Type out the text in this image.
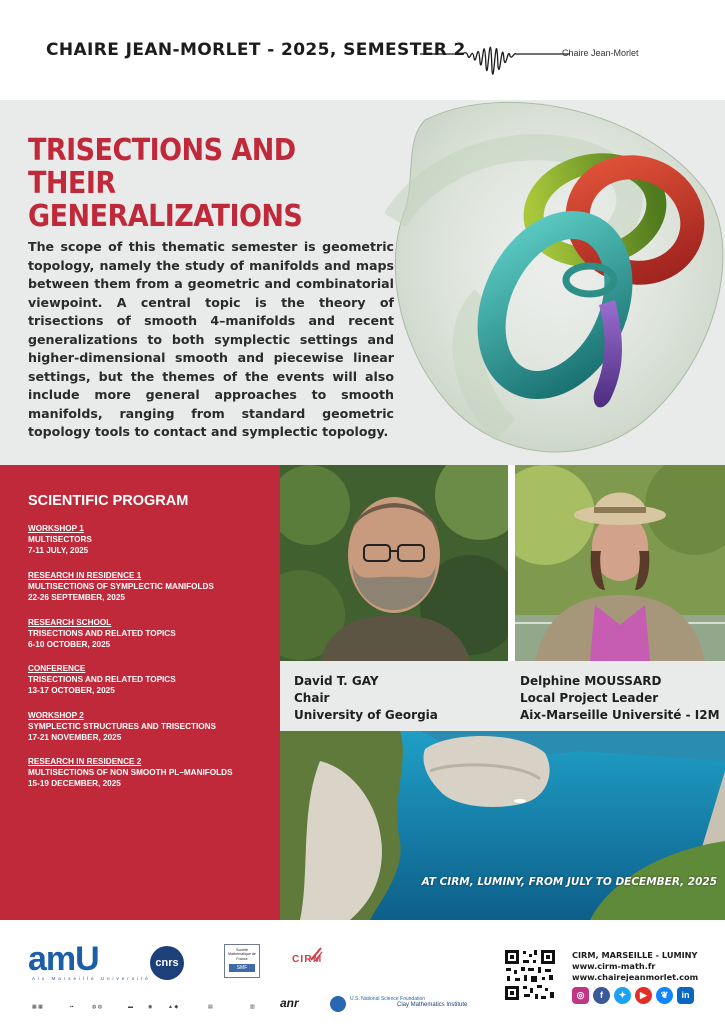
CHAIRE JEAN-MORLET - 2025, SEMESTER 2	Chaire Jean-Morlet
TRISECTIONS AND THEIR
GENERALIZATIONS

The scope of this thematic semester is geometric topology, namely the study of manifolds and maps between them from a geometric and combinatorial viewpoint. A central topic is the theory of trisections of smooth 4–manifolds and recent generalizations to both symplectic settings and higher-dimensional smooth and piecewise linear settings, but the themes of the events will also include more general approaches to smooth manifolds, ranging from standard geometric topology tools to contact and symplectic topology.

SCIENTIFIC PROGRAM
WORKSHOP 1
MULTISECTORS
7-11 JULY, 2025
RESEARCH IN RESIDENCE 1
MULTISECTIONS OF SYMPLECTIC MANIFOLDS
22-26 SEPTEMBER, 2025
RESEARCH SCHOOL
TRISECTIONS AND RELATED TOPICS
6-10 OCTOBER, 2025
CONFERENCE
TRISECTIONS AND RELATED TOPICS
13-17 OCTOBER, 2025
WORKSHOP 2
SYMPLECTIC STRUCTURES AND TRISECTIONS
17-21 NOVEMBER, 2025
RESEARCH IN RESIDENCE 2
MULTISECTIONS OF NON SMOOTH PL–MANIFOLDS
15-19 DECEMBER, 2025
David T. GAY
Chair
University of Georgia
Delphine MOUSSARD
Local Project Leader
Aix-Marseille Université - I2M
AT CIRM, LUMINY, FROM JULY TO DECEMBER, 2025
amU
Aix Marseille Université
cnrs
Société Mathématique de France
SMF
CIRM
▦ ▦	▪▪	◍ ◍	▬	◉	▲ ◆	▤	▥ anr	U.S. National Science Foundation
Clay Mathematics Institute
CIRM, MARSEILLE - LUMINY
www.cirm-math.fr
www.chairejeanmorlet.com
◎	f	✦	▶	❦	in
